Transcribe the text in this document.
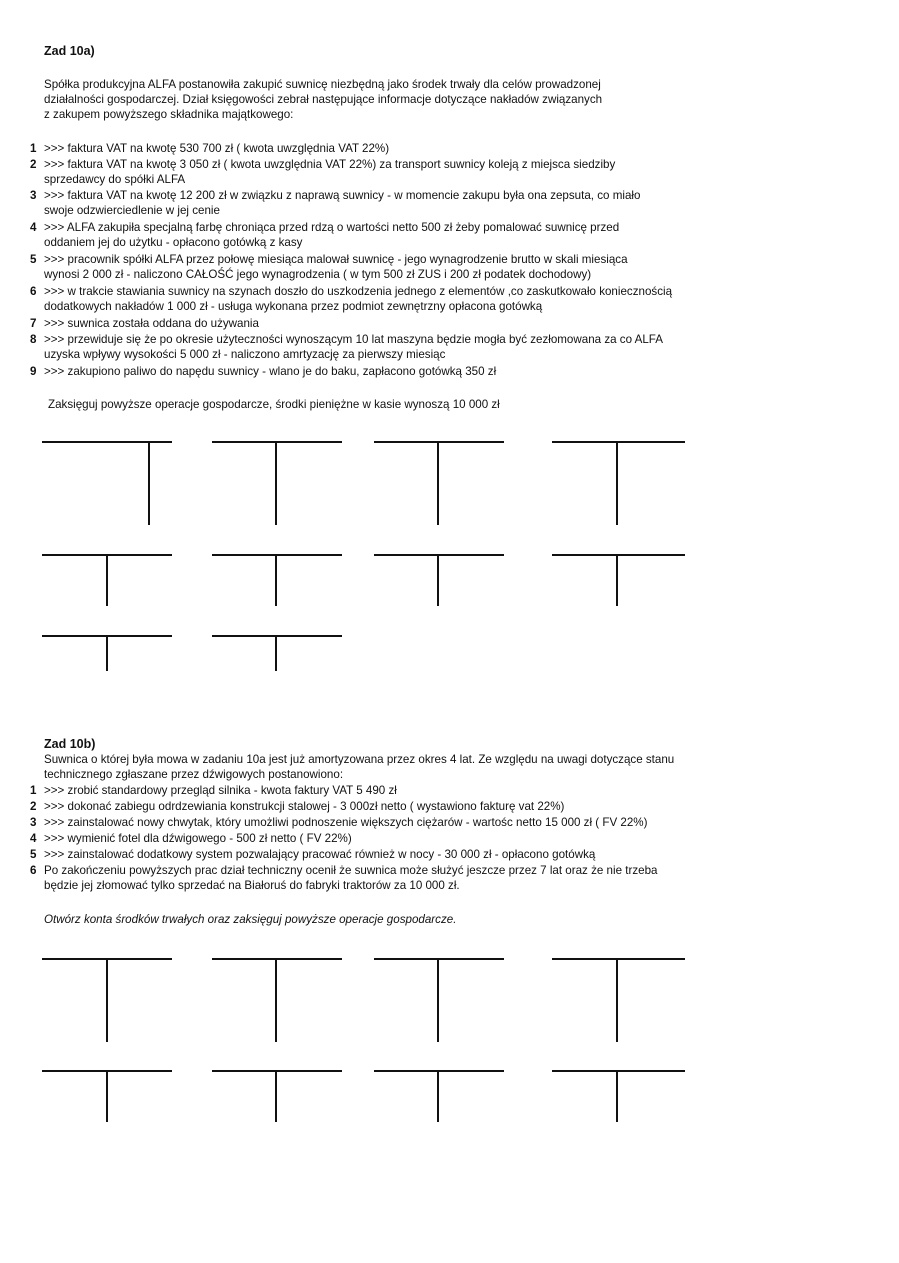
Zad 10a)
Spółka produkcyjna ALFA postanowiła zakupić suwnicę niezbędną jako środek trwały dla celów prowadzonej
działalności gospodarczej. Dział księgowości zebrał następujące informacje dotyczące nakładów związanych
z zakupem powyższego składnika majątkowego:
1 >>> faktura VAT na kwotę 530 700 zł ( kwota uwzględnia VAT 22%)
2 >>> faktura VAT na kwotę 3 050 zł ( kwota uwzględnia VAT 22%) za transport suwnicy koleją z miejsca siedziby
sprzedawcy do spółki ALFA
3 >>> faktura VAT na kwotę 12 200 zł w związku z naprawą suwnicy - w momencie zakupu była ona zepsuta, co miało
swoje odzwierciedlenie w jej cenie
4 >>> ALFA zakupiła specjalną farbę chroniąca przed rdzą o wartości netto 500 zł żeby pomalować suwnicę przed
oddaniem jej do użytku - opłacono gotówką z kasy
5 >>> pracownik spółki ALFA przez połowę miesiąca malował suwnicę - jego wynagrodzenie brutto w skali miesiąca
wynosi 2 000 zł - naliczono CAŁOŚĆ jego wynagrodzenia ( w tym 500 zł ZUS i 200 zł podatek dochodowy)
6 >>> w trakcie stawiania suwnicy na szynach doszło do uszkodzenia jednego z elementów ,co zaskutkowało koniecznością
dodatkowych nakładów 1 000 zł - usługa wykonana przez podmiot zewnętrzny opłacona gotówką
7 >>> suwnica została oddana do używania
8 >>> przewiduje się że po okresie użyteczności wynoszącym 10 lat maszyna będzie mogła być zezłomowana za co ALFA
uzyska wpływy wysokości 5 000 zł - naliczono amrtyzację za pierwszy miesiąc
9 >>> zakupiono paliwo do napędu suwnicy - wlano je do baku, zapłacono gotówką 350 zł
Zaksięguj powyższe operacje gospodarcze, środki pieniężne w kasie wynoszą 10 000 zł
Zad 10b)
Suwnica o której była mowa w zadaniu 10a jest już amortyzowana przez okres 4 lat. Ze względu na uwagi dotyczące stanu
technicznego zgłaszane przez dźwigowych postanowiono:
1 >>> zrobić standardowy przegląd silnika - kwota faktury VAT 5 490 zł
2 >>> dokonać zabiegu odrdzewiania konstrukcji stalowej - 3 000zł netto ( wystawiono fakturę vat 22%)
3 >>> zainstalować nowy chwytak, który umożliwi podnoszenie większych ciężarów - wartośc netto 15 000 zł ( FV 22%)
4 >>> wymienić fotel dla dźwigowego - 500 zł netto ( FV 22%)
5 >>> zainstalować dodatkowy system pozwalający pracować również w nocy - 30 000 zł - opłacono gotówką
6 Po zakończeniu powyższych prac dział techniczny ocenił że suwnica może służyć jeszcze przez 7 lat oraz że nie trzeba
będzie jej złomować tylko sprzedać na Białoruś do fabryki traktorów za 10 000 zł.
Otwórz konta środków trwałych oraz zaksięguj powyższe operacje gospodarcze.
